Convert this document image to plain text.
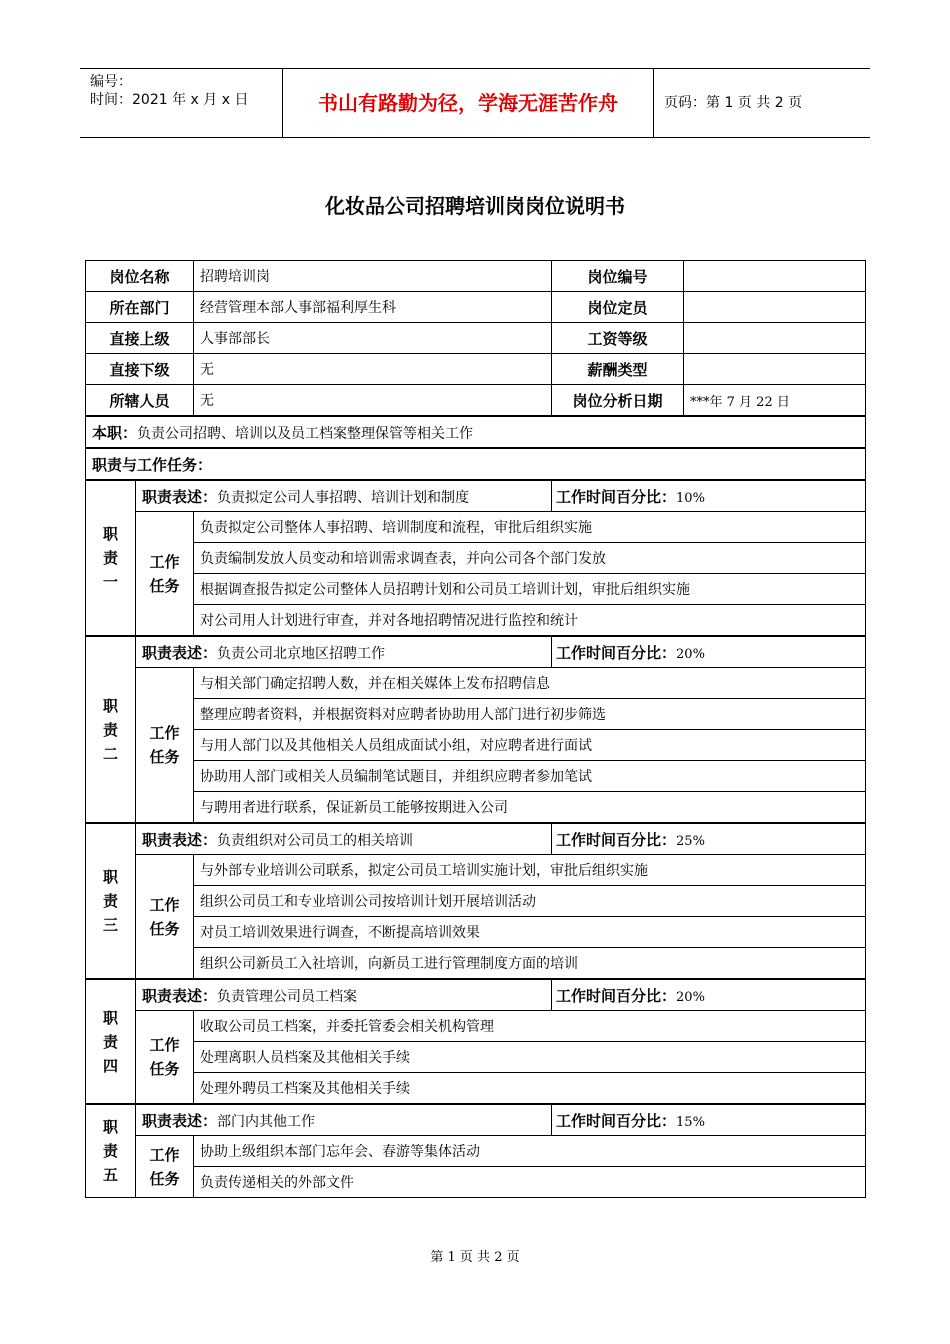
编号：
时间：2021 年 x 月 x 日	书山有路勤为径，学海无涯苦作舟	页码：第 1 页 共 2 页
化妆品公司招聘培训岗岗位说明书
岗位名称		招聘培训岗	岗位编号	
所在部门		经营管理本部人事部福利厚生科	岗位定员	
直接上级		人事部部长	工资等级	
直接下级		无	薪酬类型	
所辖人员		无	岗位分析日期	***年 7 月 22 日
本职：负责公司招聘、培训以及员工档案整理保管等相关工作				
职责与工作任务：				

职
责
一	职责表述：负责拟定公司人事招聘、培训计划和制度		工作时间百分比：10%	

	工作
任务	负责拟定公司整体人事招聘、培训制度和流程，审批后组织实施		
		负责编制发放人员变动和培训需求调查表，并向公司各个部门发放		
		根据调查报告拟定公司整体人员招聘计划和公司员工培训计划，审批后组织实施		
		对公司用人计划进行审查，并对各地招聘情况进行监控和统计		

职
责
二	职责表述：负责公司北京地区招聘工作		工作时间百分比：20%	

	工作
任务	与相关部门确定招聘人数，并在相关媒体上发布招聘信息		
		整理应聘者资料，并根据资料对应聘者协助用人部门进行初步筛选		
		与用人部门以及其他相关人员组成面试小组，对应聘者进行面试		
		协助用人部门或相关人员编制笔试题目，并组织应聘者参加笔试		
		与聘用者进行联系，保证新员工能够按期进入公司		

职
责
三	职责表述：负责组织对公司员工的相关培训		工作时间百分比：25%	

	工作
任务	与外部专业培训公司联系，拟定公司员工培训实施计划，审批后组织实施		
		组织公司员工和专业培训公司按培训计划开展培训活动		
		对员工培训效果进行调查，不断提高培训效果		
		组织公司新员工入社培训，向新员工进行管理制度方面的培训		

职
责
四	职责表述：负责管理公司员工档案		工作时间百分比：20%	

	工作
任务	收取公司员工档案，并委托管委会相关机构管理		
		处理离职人员档案及其他相关手续		
		处理外聘员工档案及其他相关手续		

职
责
五	职责表述：部门内其他工作		工作时间百分比：15%	

	工作
任务	协助上级组织本部门忘年会、春游等集体活动		
		负责传递相关的外部文件		
第 1 页 共 2 页
